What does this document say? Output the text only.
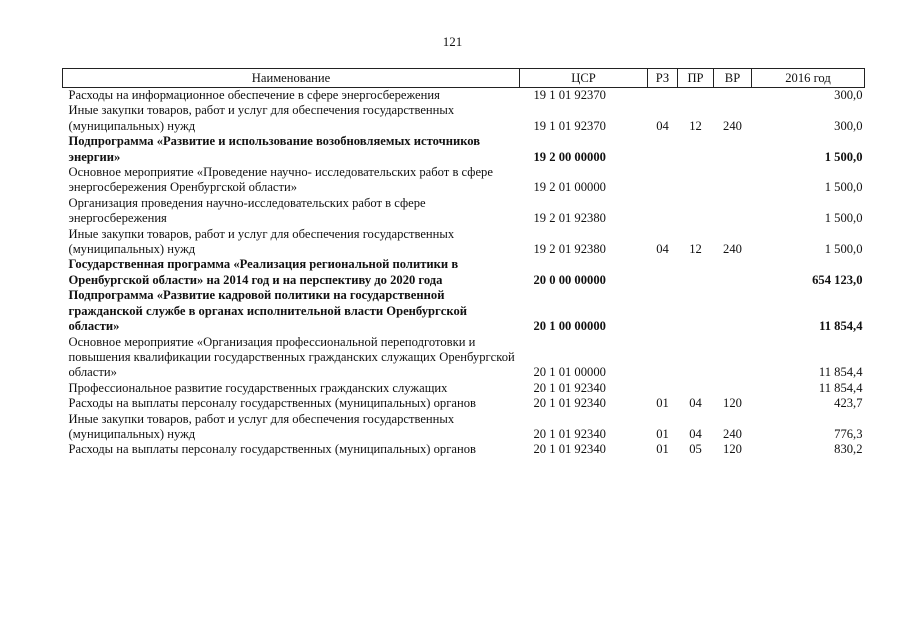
121
Наименование	ЦСР	РЗ	ПР	ВР	2016 год
Расходы на информационное обеспечение в сфере энергосбережения	19 1 01 92370				300,0
Иные закупки товаров, работ и услуг для обеспечения государственных (муниципальных) нужд	19 1 01 92370	04	12	240	300,0
Подпрограмма «Развитие и использование возобновляемых источников энергии»	19 2 00 00000				1 500,0
Основное мероприятие «Проведение научно- исследовательских работ в сфере энергосбережения Оренбургской области»	19 2 01 00000				1 500,0
Организация проведения научно-исследовательских работ в сфере энергосбережения	19 2 01 92380				1 500,0
Иные закупки товаров, работ и услуг для обеспечения государственных (муниципальных) нужд	19 2 01 92380	04	12	240	1 500,0
Государственная программа «Реализация региональной политики в Оренбургской области» на 2014 год и на перспективу до 2020 года	20 0 00 00000				654 123,0
Подпрограмма «Развитие кадровой политики на государственной гражданской службе в органах исполнительной власти Оренбургской области»	20 1 00 00000				11 854,4
Основное мероприятие «Организация профессиональной переподготовки и повышения квалификации государственных гражданских служащих Оренбургской области»	20 1 01 00000				11 854,4
Профессиональное развитие государственных гражданских служащих	20 1 01 92340				11 854,4
Расходы на выплаты персоналу государственных (муниципальных) органов	20 1 01 92340	01	04	120	423,7
Иные закупки товаров, работ и услуг для обеспечения государственных (муниципальных) нужд	20 1 01 92340	01	04	240	776,3
Расходы на выплаты персоналу государственных (муниципальных) органов	20 1 01 92340	01	05	120	830,2
